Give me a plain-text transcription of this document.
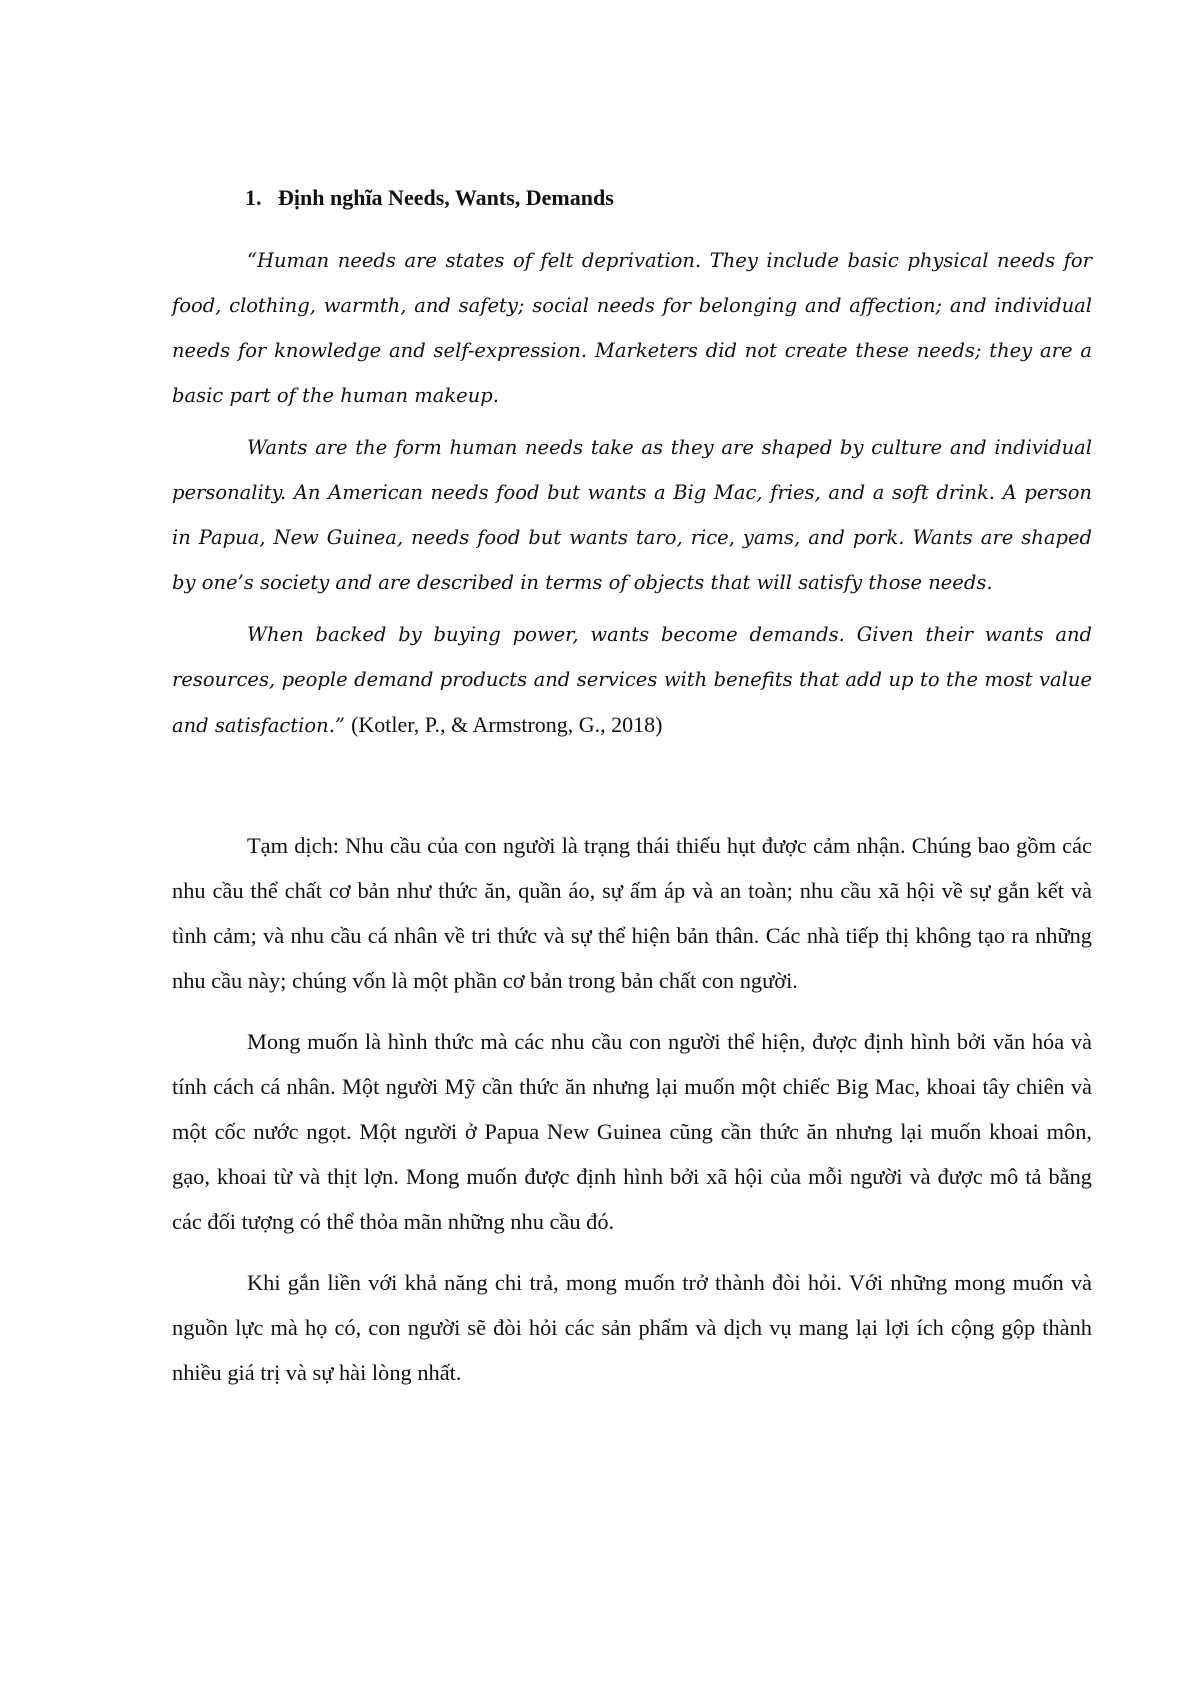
1. Định nghĩa Needs, Wants, Demands

“Human needs are states of felt deprivation. They include basic physical needs for food, clothing, warmth, and safety; social needs for belonging and affection; and individual needs for knowledge and self-expression. Marketers did not create these needs; they are a basic part of the human makeup.

Wants are the form human needs take as they are shaped by culture and individual personality. An American needs food but wants a Big Mac, fries, and a soft drink. A person in Papua, New Guinea, needs food but wants taro, rice, yams, and pork. Wants are shaped by one’s society and are described in terms of objects that will satisfy those needs.

When backed by buying power, wants become demands. Given their wants and resources, people demand products and services with benefits that add up to the most value and satisfaction.” (Kotler, P., & Armstrong, G., 2018)

Tạm dịch: Nhu cầu của con người là trạng thái thiếu hụt được cảm nhận. Chúng bao gồm các nhu cầu thể chất cơ bản như thức ăn, quần áo, sự ấm áp và an toàn; nhu cầu xã hội về sự gắn kết và tình cảm; và nhu cầu cá nhân về tri thức và sự thể hiện bản thân. Các nhà tiếp thị không tạo ra những nhu cầu này; chúng vốn là một phần cơ bản trong bản chất con người.

Mong muốn là hình thức mà các nhu cầu con người thể hiện, được định hình bởi văn hóa và tính cách cá nhân. Một người Mỹ cần thức ăn nhưng lại muốn một chiếc Big Mac, khoai tây chiên và một cốc nước ngọt. Một người ở Papua New Guinea cũng cần thức ăn nhưng lại muốn khoai môn, gạo, khoai từ và thịt lợn. Mong muốn được định hình bởi xã hội của mỗi người và được mô tả bằng các đối tượng có thể thỏa mãn những nhu cầu đó.

Khi gắn liền với khả năng chi trả, mong muốn trở thành đòi hỏi. Với những mong muốn và nguồn lực mà họ có, con người sẽ đòi hỏi các sản phẩm và dịch vụ mang lại lợi ích cộng gộp thành nhiều giá trị và sự hài lòng nhất.
